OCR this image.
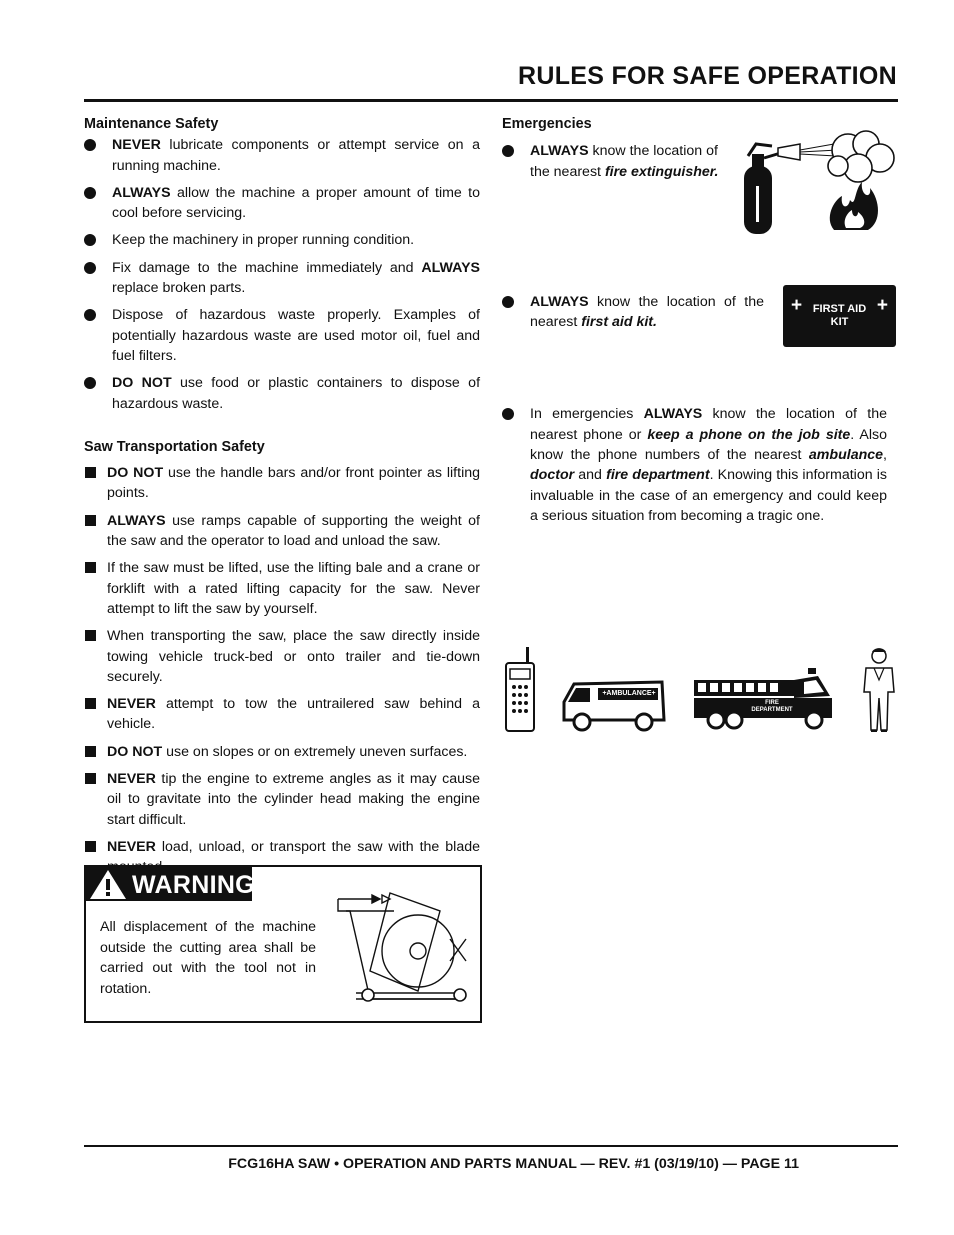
RULES FOR SAFE OPERATION
Maintenance Safety
NEVER lubricate components or attempt service on a running machine.
ALWAYS allow the machine a proper amount of time to cool before servicing.
Keep the machinery in proper running condition.
Fix damage to the machine immediately and ALWAYS replace broken parts.
Dispose of hazardous waste properly. Examples of potentially hazardous waste are used motor oil, fuel and fuel filters.
DO NOT use food or plastic containers to dispose of hazardous waste.
Saw Transportation Safety
DO NOT use the handle bars and/or front pointer as lifting points.
ALWAYS use ramps capable of supporting the weight of the saw and the operator to load and unload the saw.
If the saw must be lifted, use the lifting bale and a crane or forklift with a rated lifting capacity for the saw. Never attempt to lift the saw by yourself.
When transporting the saw, place the saw directly inside towing vehicle truck-bed or onto trailer and tie-down securely.
NEVER attempt to tow the untrailered saw behind a vehicle.
DO NOT use on slopes or on extremely uneven surfaces.
NEVER tip the engine to extreme angles as it may cause oil to gravitate into the cylinder head making the engine start difficult.
NEVER load, unload, or transport the saw with the blade
WARNING
All displacement of the machine outside the cutting area shall be carried out with the tool not in rotation.
Emergencies
ALWAYS know the location of the nearest fire extinguisher.
ALWAYS know the location of the nearest first aid kit.
In emergencies ALWAYS know the location of the nearest phone or keep a phone on the job site. Also know the phone numbers of the nearest ambulance, doctor and fire department. Knowing this information is invaluable in the case of an emergency and could keep a serious situation from becoming a tragic one.
+	+
FIRST AID
KIT
+AMBULANCE+
FIRE
DEPARTMENT
FCG16HA SAW • OPERATION AND PARTS MANUAL — REV. #1 (03/19/10) — PAGE 11
